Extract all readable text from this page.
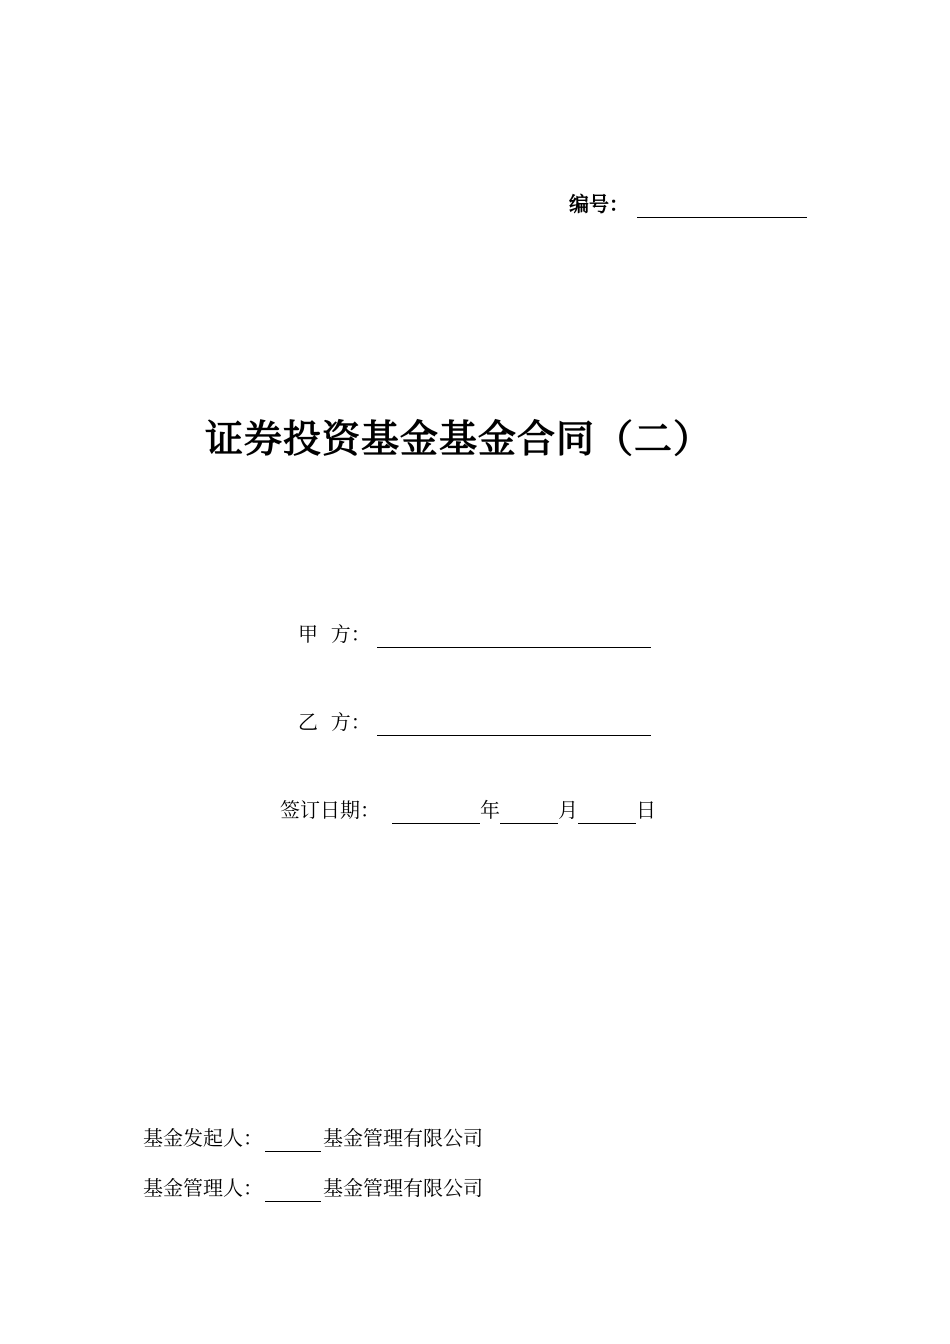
编号：
证券投资基金基金合同（二）
甲  方：
乙  方：
签订日期：	年	月	日
基金发起人：	基金管理有限公司
基金管理人：	基金管理有限公司
